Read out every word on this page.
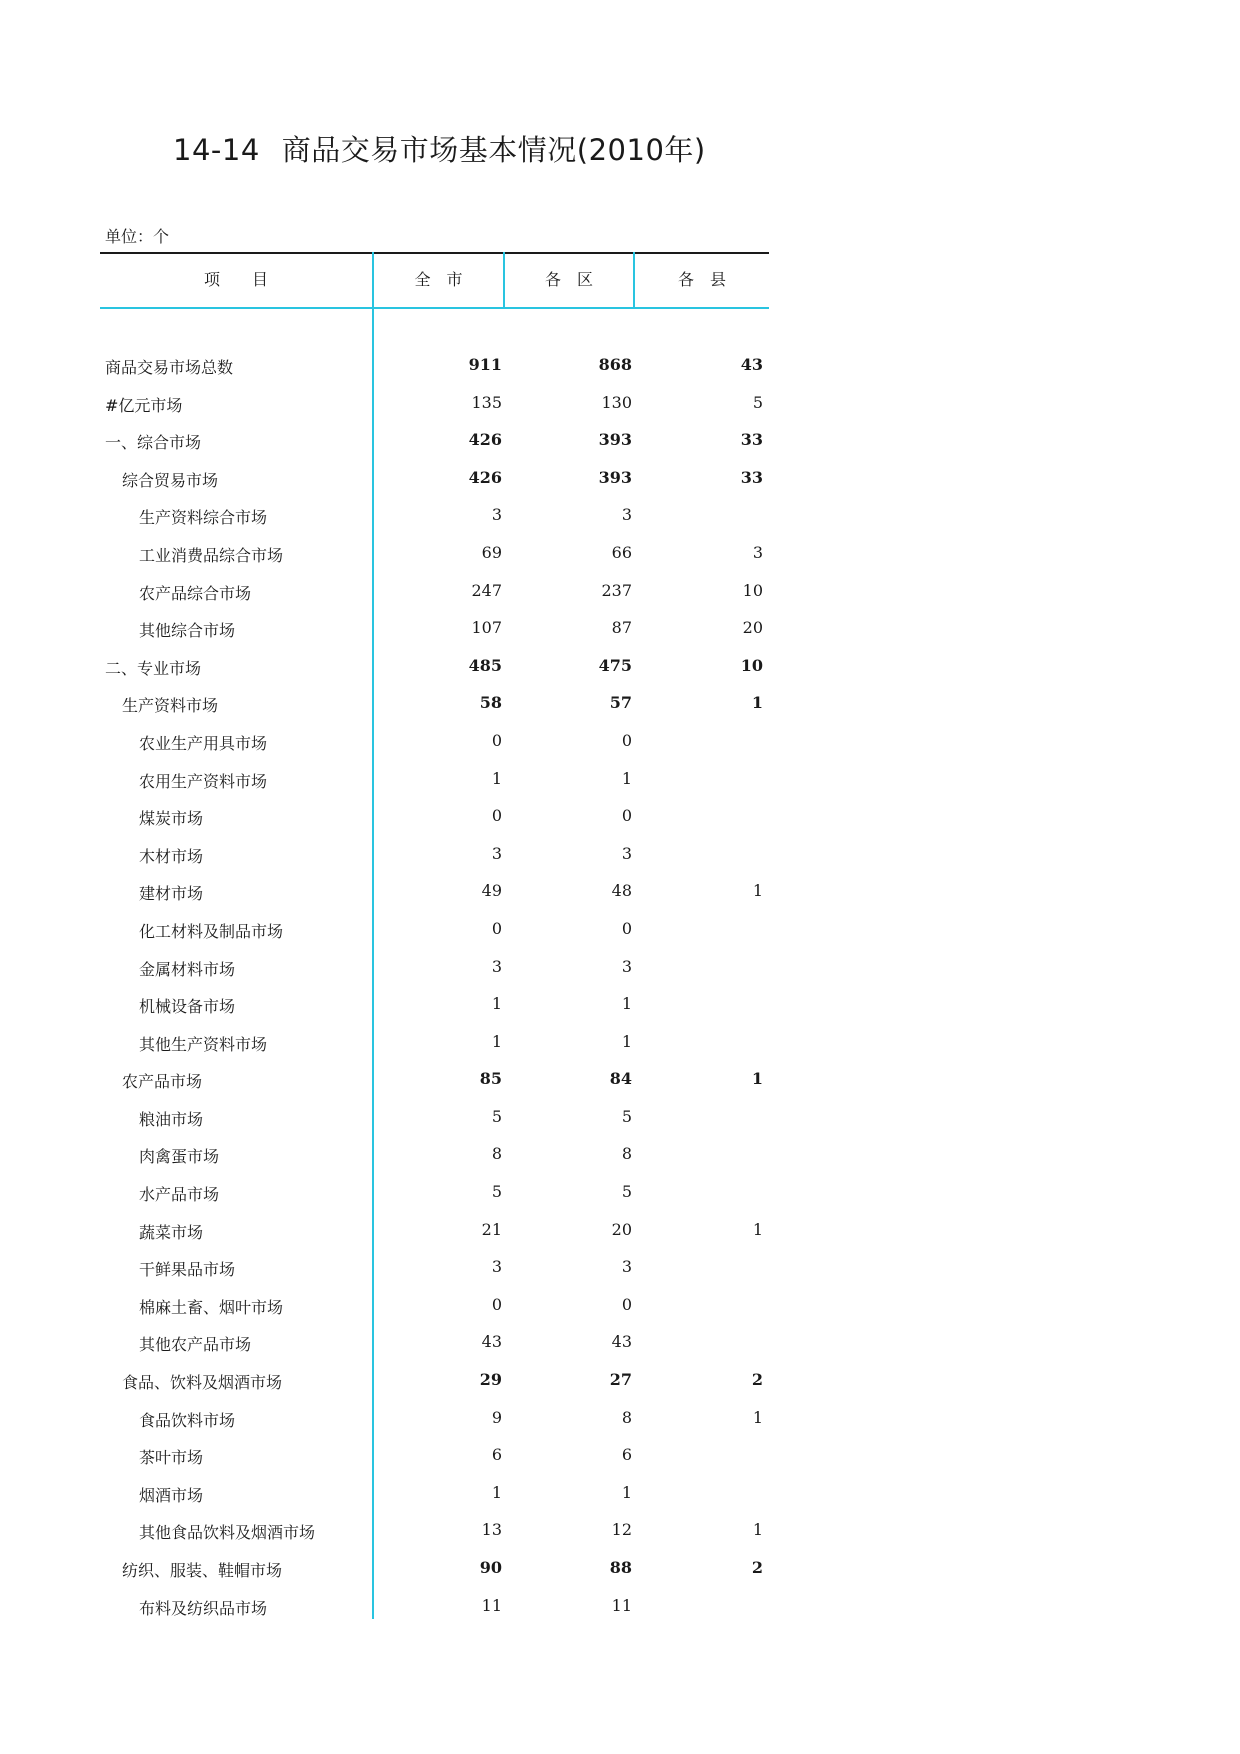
14-14 商品交易市场基本情况(2010年)
单位：个
项　　目	全　市	各　区	各　县
商品交易市场总数	911	868	43
#亿元市场	135	130	5
一、综合市场	426	393	33
综合贸易市场	426	393	33
生产资料综合市场	3	3
工业消费品综合市场	69	66	3
农产品综合市场	247	237	10
其他综合市场	107	87	20
二、专业市场	485	475	10
生产资料市场	58	57	1
农业生产用具市场	0	0
农用生产资料市场	1	1
煤炭市场	0	0
木材市场	3	3
建材市场	49	48	1
化工材料及制品市场	0	0
金属材料市场	3	3
机械设备市场	1	1
其他生产资料市场	1	1
农产品市场	85	84	1
粮油市场	5	5
肉禽蛋市场	8	8
水产品市场	5	5
蔬菜市场	21	20	1
干鲜果品市场	3	3
棉麻土畜、烟叶市场	0	0
其他农产品市场	43	43
食品、饮料及烟酒市场	29	27	2
食品饮料市场	9	8	1
茶叶市场	6	6
烟酒市场	1	1
其他食品饮料及烟酒市场	13	12	1
纺织、服装、鞋帽市场	90	88	2
布料及纺织品市场	11	11
